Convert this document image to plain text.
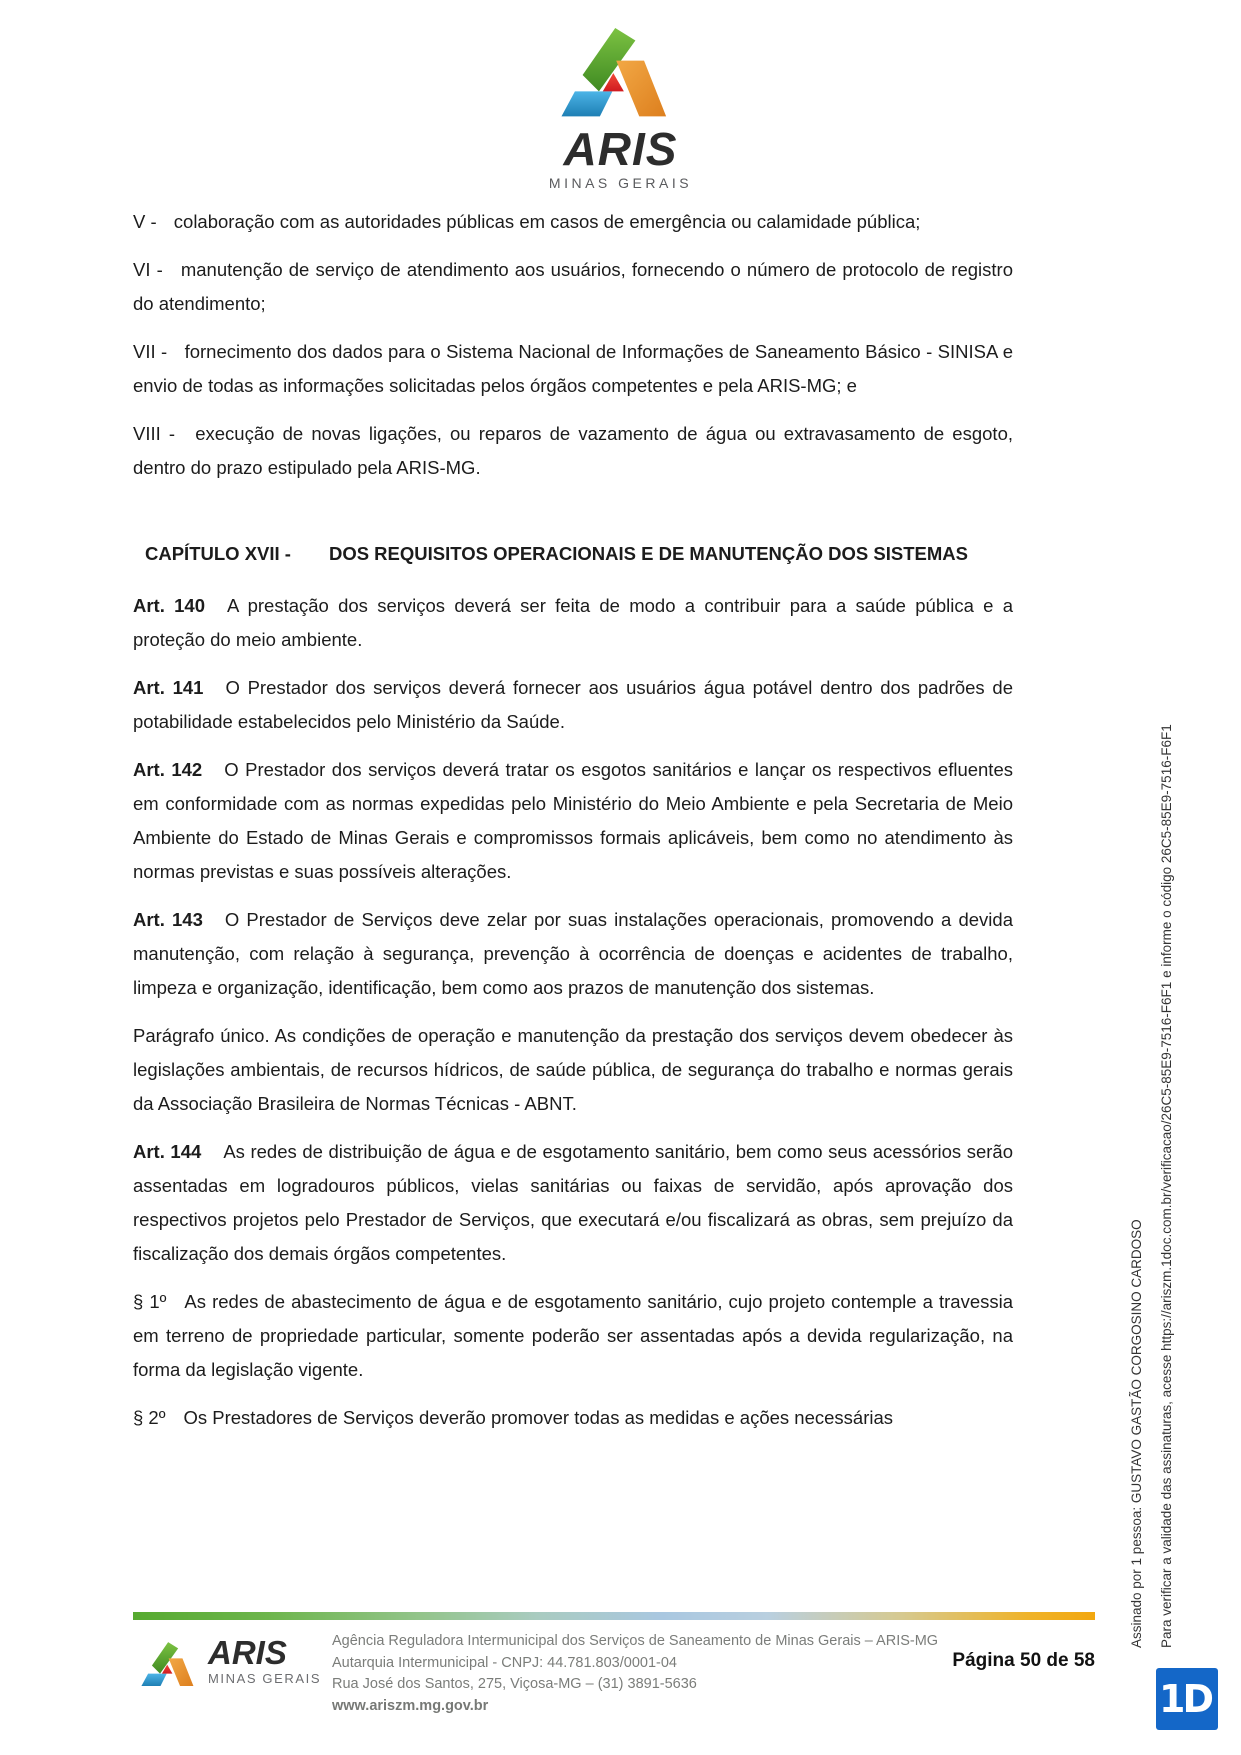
ARIS
MINAS GERAIS

V - colaboração com as autoridades públicas em casos de emergência ou calamidade pública;

VI - manutenção de serviço de atendimento aos usuários, fornecendo o número de protocolo de registro do atendimento;

VII - fornecimento dos dados para o Sistema Nacional de Informações de Saneamento Básico - SINISA e envio de todas as informações solicitadas pelos órgãos competentes e pela ARIS-MG; e

VIII - execução de novas ligações, ou reparos de vazamento de água ou extravasamento de esgoto, dentro do prazo estipulado pela ARIS-MG.

CAPÍTULO XVII - DOS REQUISITOS OPERACIONAIS E DE MANUTENÇÃO DOS SISTEMAS

Art. 140 A prestação dos serviços deverá ser feita de modo a contribuir para a saúde pública e a proteção do meio ambiente.

Art. 141 O Prestador dos serviços deverá fornecer aos usuários água potável dentro dos padrões de potabilidade estabelecidos pelo Ministério da Saúde.

Art. 142 O Prestador dos serviços deverá tratar os esgotos sanitários e lançar os respectivos efluentes em conformidade com as normas expedidas pelo Ministério do Meio Ambiente e pela Secretaria de Meio Ambiente do Estado de Minas Gerais e compromissos formais aplicáveis, bem como no atendimento às normas previstas e suas possíveis alterações.

Art. 143 O Prestador de Serviços deve zelar por suas instalações operacionais, promovendo a devida manutenção, com relação à segurança, prevenção à ocorrência de doenças e acidentes de trabalho, limpeza e organização, identificação, bem como aos prazos de manutenção dos sistemas.

Parágrafo único. As condições de operação e manutenção da prestação dos serviços devem obedecer às legislações ambientais, de recursos hídricos, de saúde pública, de segurança do trabalho e normas gerais da Associação Brasileira de Normas Técnicas - ABNT.

Art. 144 As redes de distribuição de água e de esgotamento sanitário, bem como seus acessórios serão assentadas em logradouros públicos, vielas sanitárias ou faixas de servidão, após aprovação dos respectivos projetos pelo Prestador de Serviços, que executará e/ou fiscalizará as obras, sem prejuízo da fiscalização dos demais órgãos competentes.

§ 1º As redes de abastecimento de água e de esgotamento sanitário, cujo projeto contemple a travessia em terreno de propriedade particular, somente poderão ser assentadas após a devida regularização, na forma da legislação vigente.

§ 2º Os Prestadores de Serviços deverão promover todas as medidas e ações necessárias	Assinado por 1 pessoa: GUSTAVO GASTÃO CORGOSINO CARDOSO Para verificar a validade das assinaturas, acesse https://ariszm.1doc.com.br/verificacao/26C5-85E9-7516-F6F1 e informe o código 26C5-85E9-7516-F6F1
ARIS
MINAS GERAIS
Agência Reguladora Intermunicipal dos Serviços de Saneamento de Minas Gerais – ARIS-MG
Autarquia Intermunicipal - CNPJ: 44.781.803/0001-04
Rua José dos Santos, 275, Viçosa-MG – (31) 3891-5636
www.ariszm.mg.gov.br
Página 50 de 58
1D
